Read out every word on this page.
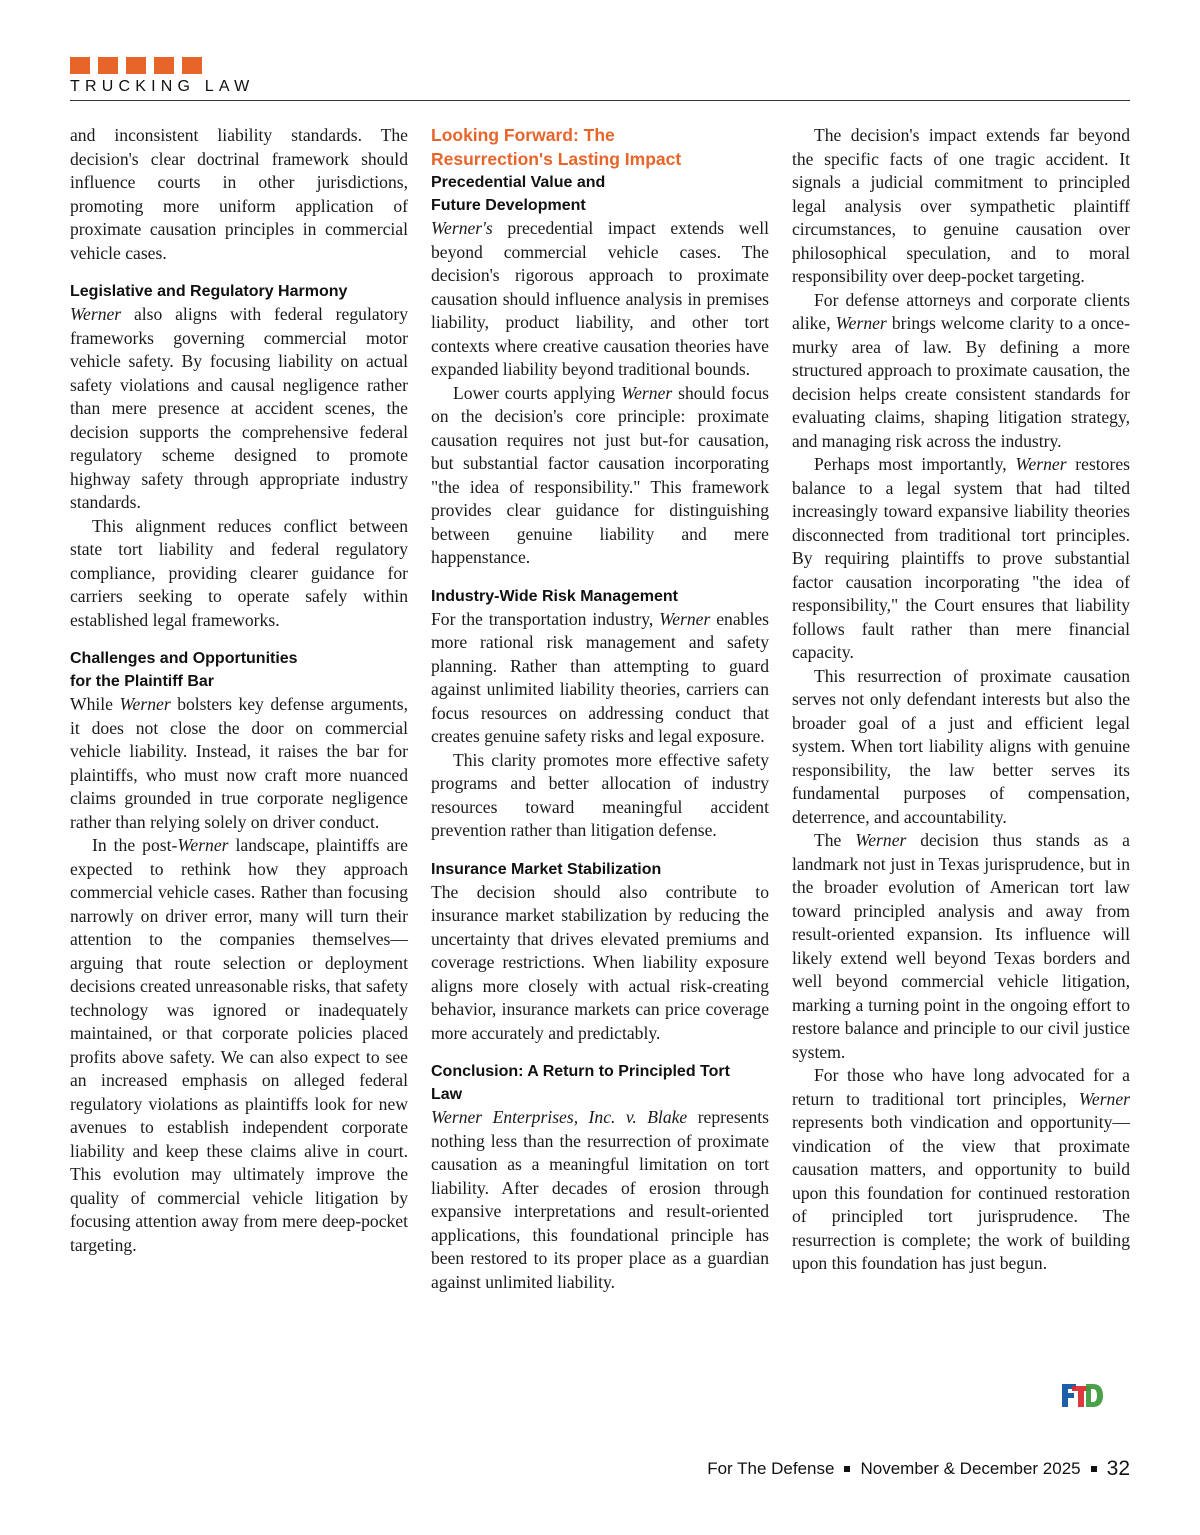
TRUCKING LAW

and inconsistent liability standards. The decision's clear doctrinal framework should influence courts in other jurisdictions, promoting more uniform application of proximate causation principles in commercial vehicle cases.

Legislative and Regulatory Harmony

Werner also aligns with federal regulatory frameworks governing commercial motor vehicle safety. By focusing liability on actual safety violations and causal negligence rather than mere presence at accident scenes, the decision supports the comprehensive federal regulatory scheme designed to promote highway safety through appropriate industry standards.

This alignment reduces conflict between state tort liability and federal regulatory compliance, providing clearer guidance for carriers seeking to operate safely within established legal frameworks.

Challenges and Opportunities
for the Plaintiff Bar

While Werner bolsters key defense arguments, it does not close the door on commercial vehicle liability. Instead, it raises the bar for plaintiffs, who must now craft more nuanced claims grounded in true corporate negligence rather than relying solely on driver conduct.

In the post-Werner landscape, plaintiffs are expected to rethink how they approach commercial vehicle cases. Rather than focusing narrowly on driver error, many will turn their attention to the companies themselves—arguing that route selection or deployment decisions created unreasonable risks, that safety technology was ignored or inadequately maintained, or that corporate policies placed profits above safety. We can also expect to see an increased emphasis on alleged federal regulatory violations as plaintiffs look for new avenues to establish independent corporate liability and keep these claims alive in court. This evolution may ultimately improve the quality of commercial vehicle litigation by focusing attention away from mere deep-pocket targeting.

Looking Forward: The
Resurrection's Lasting Impact
Precedential Value and
Future Development

Werner's precedential impact extends well beyond commercial vehicle cases. The decision's rigorous approach to proximate causation should influence analysis in premises liability, product liability, and other tort contexts where creative causation theories have expanded liability beyond traditional bounds.

Lower courts applying Werner should focus on the decision's core principle: proximate causation requires not just but-for causation, but substantial factor causation incorporating "the idea of responsibility." This framework provides clear guidance for distinguishing between genuine liability and mere happenstance.

Industry-Wide Risk Management

For the transportation industry, Werner enables more rational risk management and safety planning. Rather than attempting to guard against unlimited liability theories, carriers can focus resources on addressing conduct that creates genuine safety risks and legal exposure.

This clarity promotes more effective safety programs and better allocation of industry resources toward meaningful accident prevention rather than litigation defense.

Insurance Market Stabilization

The decision should also contribute to insurance market stabilization by reducing the uncertainty that drives elevated premiums and coverage restrictions. When liability exposure aligns more closely with actual risk-creating behavior, insurance markets can price coverage more accurately and predictably.

Conclusion: A Return to Principled Tort
Law

Werner Enterprises, Inc. v. Blake represents nothing less than the resurrection of proximate causation as a meaningful limitation on tort liability. After decades of erosion through expansive interpretations and result-oriented applications, this foundational principle has been restored to its proper place as a guardian against unlimited liability.

The decision's impact extends far beyond the specific facts of one tragic accident. It signals a judicial commitment to principled legal analysis over sympathetic plaintiff circumstances, to genuine causation over philosophical speculation, and to moral responsibility over deep-pocket targeting.

For defense attorneys and corporate clients alike, Werner brings welcome clarity to a once-murky area of law. By defining a more structured approach to proximate causation, the decision helps create consistent standards for evaluating claims, shaping litigation strategy, and managing risk across the industry.

Perhaps most importantly, Werner restores balance to a legal system that had tilted increasingly toward expansive liability theories disconnected from traditional tort principles. By requiring plaintiffs to prove substantial factor causation incorporating "the idea of responsibility," the Court ensures that liability follows fault rather than mere financial capacity.

This resurrection of proximate causation serves not only defendant interests but also the broader goal of a just and efficient legal system. When tort liability aligns with genuine responsibility, the law better serves its fundamental purposes of compensation, deterrence, and accountability.

The Werner decision thus stands as a landmark not just in Texas jurisprudence, but in the broader evolution of American tort law toward principled analysis and away from result-oriented expansion. Its influence will likely extend well beyond Texas borders and well beyond commercial vehicle litigation, marking a turning point in the ongoing effort to restore balance and principle to our civil justice system.

For those who have long advocated for a return to traditional tort principles, Werner represents both vindication and opportunity—vindication of the view that proximate causation matters, and opportunity to build upon this foundation for continued restoration of principled tort jurisprudence. The resurrection is complete; the work of building upon this foundation has just begun.

For The Defense November & December 2025 32
